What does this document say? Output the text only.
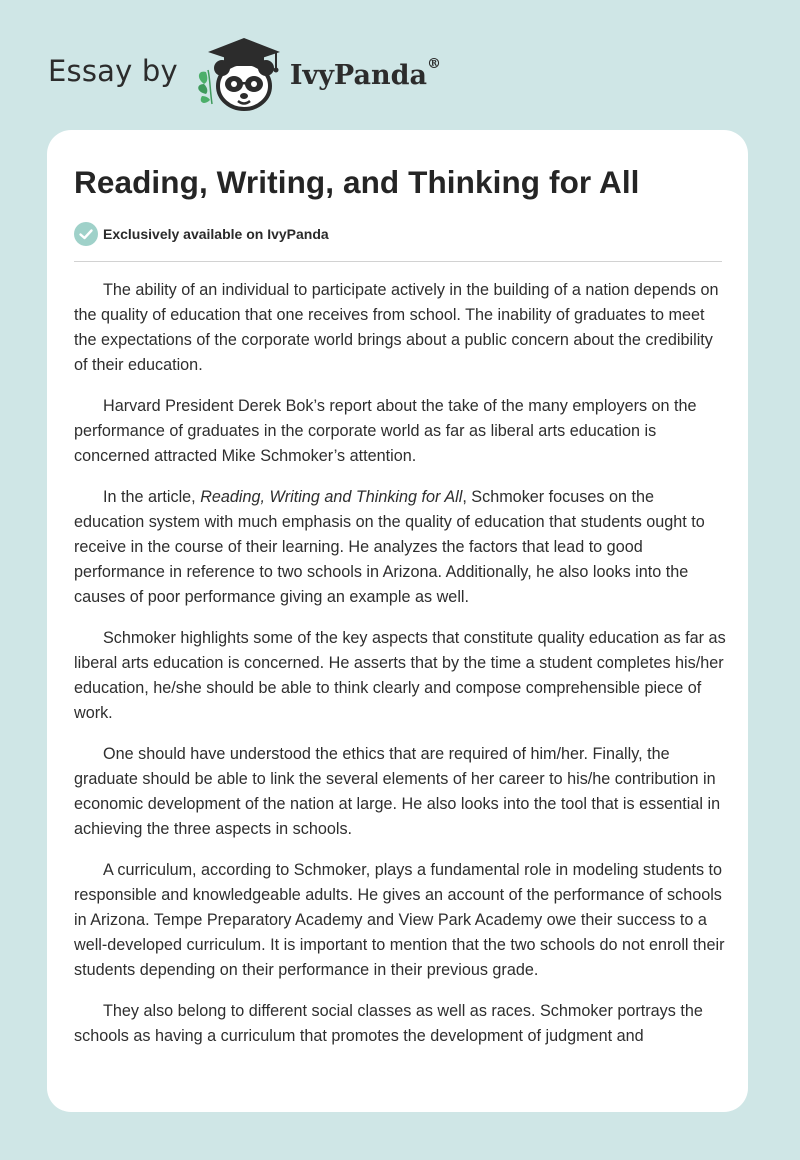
Essay by	IvyPanda®
Reading, Writing, and Thinking for All
Exclusively available on IvyPanda

The ability of an individual to participate actively in the building of a nation depends on the quality of education that one receives from school. The inability of graduates to meet the expectations of the corporate world brings about a public concern about the credibility of their education.

Harvard President Derek Bok’s report about the take of the many employers on the performance of graduates in the corporate world as far as liberal arts education is concerned attracted Mike Schmoker’s attention.

In the article, Reading, Writing and Thinking for All, Schmoker focuses on the education system with much emphasis on the quality of education that students ought to receive in the course of their learning. He analyzes the factors that lead to good performance in reference to two schools in Arizona. Additionally, he also looks into the causes of poor performance giving an example as well.

Schmoker highlights some of the key aspects that constitute quality education as far as liberal arts education is concerned. He asserts that by the time a student completes his/her education, he/she should be able to think clearly and compose comprehensible piece of work.

One should have understood the ethics that are required of him/her. Finally, the graduate should be able to link the several elements of her career to his/he contribution in economic development of the nation at large. He also looks into the tool that is essential in achieving the three aspects in schools.

A curriculum, according to Schmoker, plays a fundamental role in modeling students to responsible and knowledgeable adults. He gives an account of the performance of schools in Arizona. Tempe Preparatory Academy and View Park Academy owe their success to a well-developed curriculum. It is important to mention that the two schools do not enroll their students depending on their performance in their previous grade.

They also belong to different social classes as well as races. Schmoker portrays the schools as having a curriculum that promotes the development of judgment and
